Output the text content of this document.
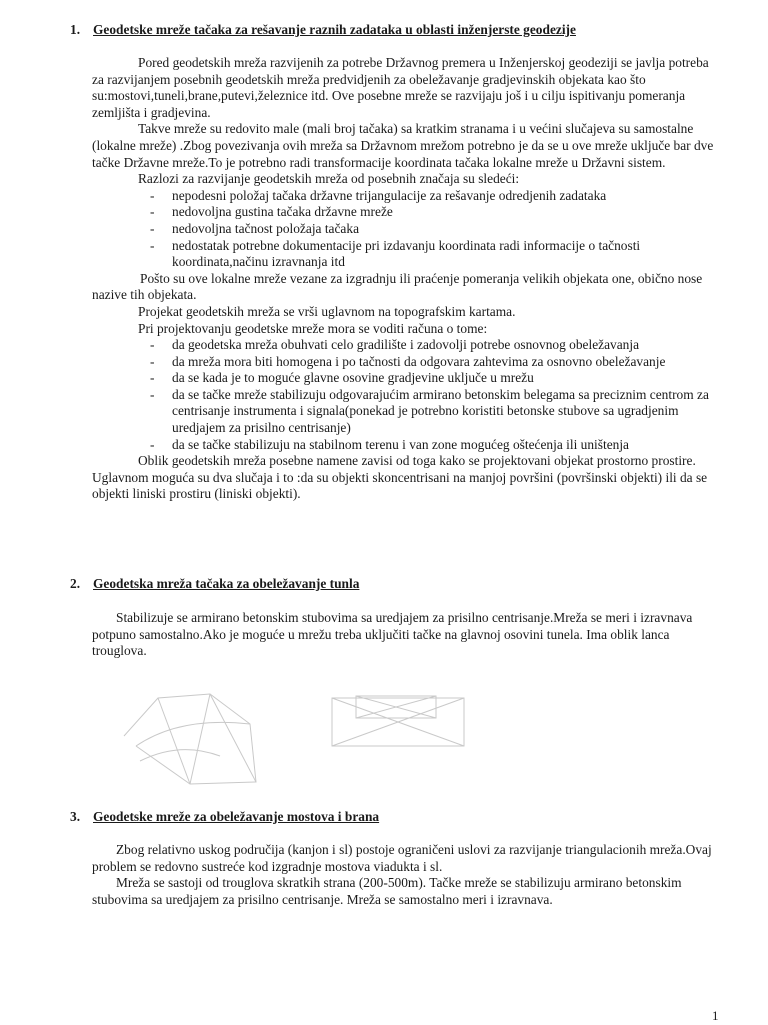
1. Geodetske mreže tačaka za rešavanje raznih zadataka u oblasti inženjerste geodezije

Pored geodetskih mreža razvijenih za potrebe Državnog premera u Inženjerskoj geodeziji se javlja potreba za razvijanjem posebnih geodetskih mreža predvidjenih za obeležavanje gradjevinskih objekata kao što su:mostovi,tuneli,brane,putevi,železnice itd. Ove posebne mreže se razvijaju još i u cilju ispitivanju pomeranja zemljišta i gradjevina.

Takve mreže su redovito male (mali broj tačaka) sa kratkim stranama i u većini slučajeva su samostalne (lokalne mreže) .Zbog povezivanja ovih mreža sa Državnom mrežom potrebno je da se u ove mreže uključe bar dve tačke Državne mreže.To je potrebno radi transformacije koordinata tačaka lokalne mreže u Državni sistem.

Razlozi za razvijanje geodetskih mreža od posebnih značaja su sledeći:

- nepodesni položaj tačaka državne trijangulacije za rešavanje odredjenih zadataka
- nedovoljna gustina tačaka državne mreže
- nedovoljna tačnost položaja tačaka
- nedostatak potrebne dokumentacije pri izdavanju koordinata radi informacije o tačnosti koordinata,načinu izravnanja itd

Pošto su ove lokalne mreže vezane za izgradnju ili praćenje pomeranja velikih objekata one, obično nose nazive tih objekata.

Projekat geodetskih mreža se vrši uglavnom na topografskim kartama.

Pri projektovanju geodetske mreže mora se voditi računa o tome:

- da geodetska mreža obuhvati celo gradilište i zadovolji potrebe osnovnog obeležavanja
- da mreža mora biti homogena i po tačnosti da odgovara zahtevima za osnovno obeležavanje
- da se kada je to moguće glavne osovine gradjevine uključe u mrežu
- da se tačke mreže stabilizuju odgovarajućim armirano betonskim belegama sa preciznim centrom za centrisanje instrumenta i signala(ponekad je potrebno koristiti betonske stubove sa ugradjenim uredjajem za prisilno centrisanje)
- da se tačke stabilizuju na stabilnom terenu i van zone mogućeg oštećenja ili uništenja

Oblik geodetskih mreža posebne namene zavisi od toga kako se projektovani objekat prostorno prostire. Uglavnom moguća su dva slučaja i to :da su objekti skoncentrisani na manjoj površini (površinski objekti) ili da se objekti liniski prostiru (liniski objekti).

2. Geodetska mreža tačaka za obeležavanje tunla

Stabilizuje se armirano betonskim stubovima sa uredjajem za prisilno centrisanje.Mreža se meri i izravnava potpuno samostalno.Ako je moguće u mrežu treba uključiti tačke na glavnoj osovini tunela. Ima oblik lanca trouglova.

3. Geodetske mreže za obeležavanje mostova i brana

Zbog relativno uskog područija (kanjon i sl) postoje ograničeni uslovi za razvijanje triangulacionih mreža.Ovaj problem se redovno sustreće kod izgradnje mostova viadukta i sl.

Mreža se sastoji od trouglova skratkih strana (200-500m). Tačke mreže se stabilizuju armirano betonskim stubovima sa uredjajem za prisilno centrisanje. Mreža se samostalno meri i izravnava.

1
